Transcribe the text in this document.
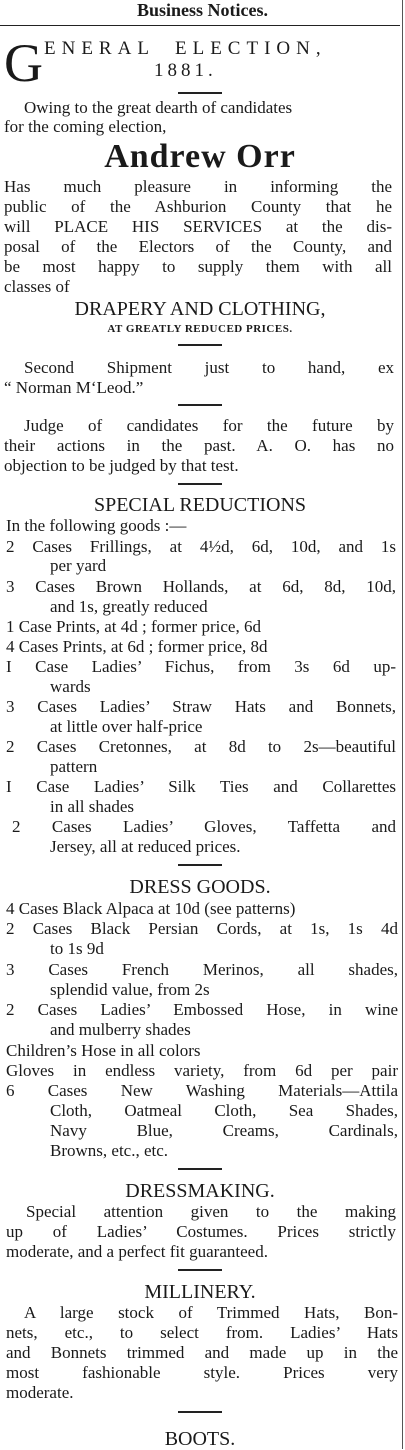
Business Notices.
G ENERAL ELECTION,
1881.
Owing to the great dearth of candidates
for the coming election,
Andrew Orr
Has much pleasure in informing the
public of the Ashburion County that he
will PLACE HIS SERVICES at the dis-
posal of the Electors of the County, and
be most happy to supply them with all
classes of
DRAPERY AND CLOTHING,
AT GREATLY REDUCED PRICES.
Second Shipment just to hand, ex
“ Norman M‘Leod.”
Judge of candidates for the future by
their actions in the past. A. O. has no
objection to be judged by that test.
SPECIAL REDUCTIONS
In the following goods :—
2 Cases Frillings, at 4½d, 6d, 10d, and 1s
per yard
3 Cases Brown Hollands, at 6d, 8d, 10d,
and 1s, greatly reduced
1 Case Prints, at 4d ; former price, 6d
4 Cases Prints, at 6d ; former price, 8d
I Case Ladies’ Fichus, from 3s 6d up-
wards
3 Cases Ladies’ Straw Hats and Bonnets,
at little over half-price
2 Cases Cretonnes, at 8d to 2s—beautiful
pattern
I Case Ladies’ Silk Ties and Collarettes
in all shades
2 Cases Ladies’ Gloves, Taffetta and
Jersey, all at reduced prices.
DRESS GOODS.
4 Cases Black Alpaca at 10d (see patterns)
2 Cases Black Persian Cords, at 1s, 1s 4d
to 1s 9d
3 Cases French Merinos, all shades,
splendid value, from 2s
2 Cases Ladies’ Embossed Hose, in wine
and mulberry shades
Children’s Hose in all colors
Gloves in endless variety, from 6d per pair
6 Cases New Washing Materials—Attila
Cloth, Oatmeal Cloth, Sea Shades,
Navy Blue, Creams, Cardinals,
Browns, etc., etc.
DRESSMAKING.
Special attention given to the making
up of Ladies’ Costumes. Prices strictly
moderate, and a perfect fit guaranteed.
MILLINERY.
A large stock of Trimmed Hats, Bon-
nets, etc., to select from. Ladies’ Hats
and Bonnets trimmed and made up in the
most fashionable style. Prices very
moderate.
BOOTS.
